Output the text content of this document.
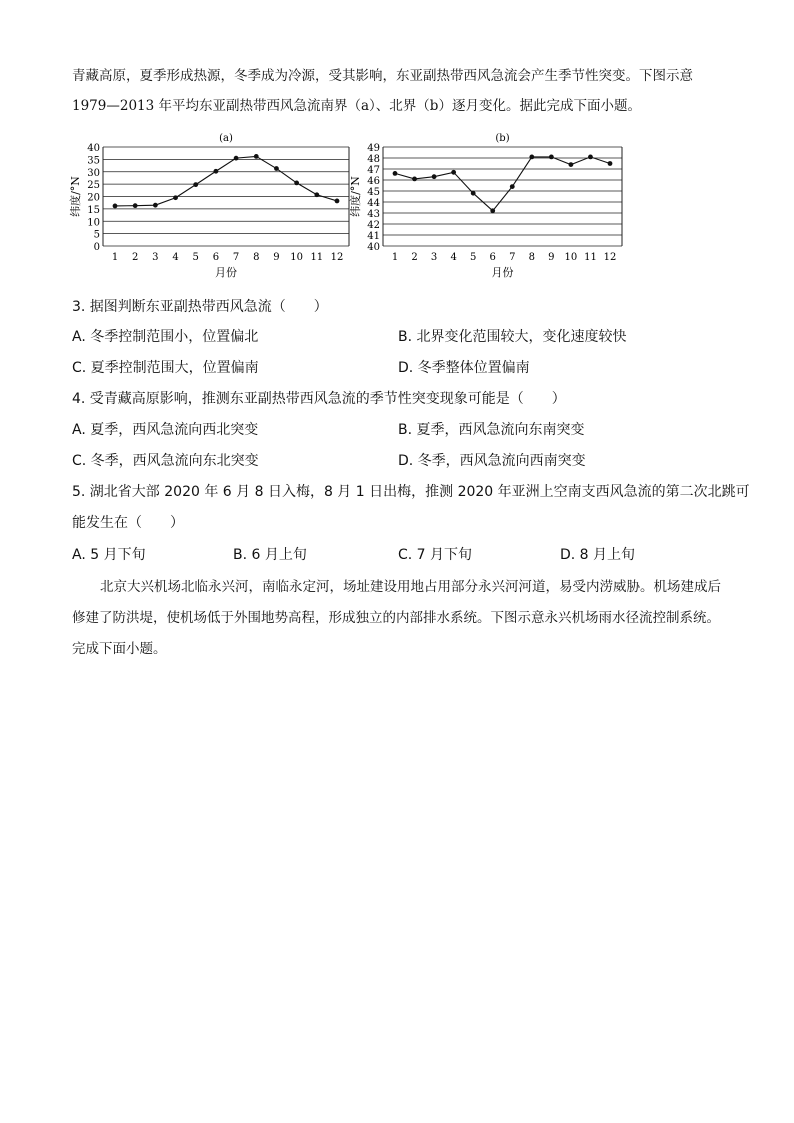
青藏高原，夏季形成热源，冬季成为冷源，受其影响，东亚副热带西风急流会产生季节性突变。下图示意
1979—2013 年平均东亚副热带西风急流南界（a）、北界（b）逐月变化。据此完成下面小题。
0
5
10
15
20
25
30
35
40
1 2 3 4 5 6 7 8 9 10 11 12
(a)
月份
纬度/°N
40
41
42
43
44
45
46
47
48
49
1 2 3 4 5 6 7 8 9 10 11 12
(b)
月份
纬度/°N
3. 据图判断东亚副热带西风急流（　　）
A. 冬季控制范围小，位置偏北	B. 北界变化范围较大，变化速度较快
C. 夏季控制范围大，位置偏南	D. 冬季整体位置偏南
4. 受青藏高原影响，推测东亚副热带西风急流的季节性突变现象可能是（　　）
A. 夏季，西风急流向西北突变	B. 夏季，西风急流向东南突变
C. 冬季，西风急流向东北突变	D. 冬季，西风急流向西南突变
5. 湖北省大部 2020 年 6 月 8 日入梅，8 月 1 日出梅，推测 2020 年亚洲上空南支西风急流的第二次北跳可
能发生在（　　）
A. 5 月下旬	B. 6 月上旬	C. 7 月下旬	D. 8 月上旬
北京大兴机场北临永兴河，南临永定河，场址建设用地占用部分永兴河河道，易受内涝威胁。机场建成后修建了防洪堤，使机场低于外围地势高程，形成独立的内部排水系统。下图示意永兴机场雨水径流控制系统。完成下面小题。
